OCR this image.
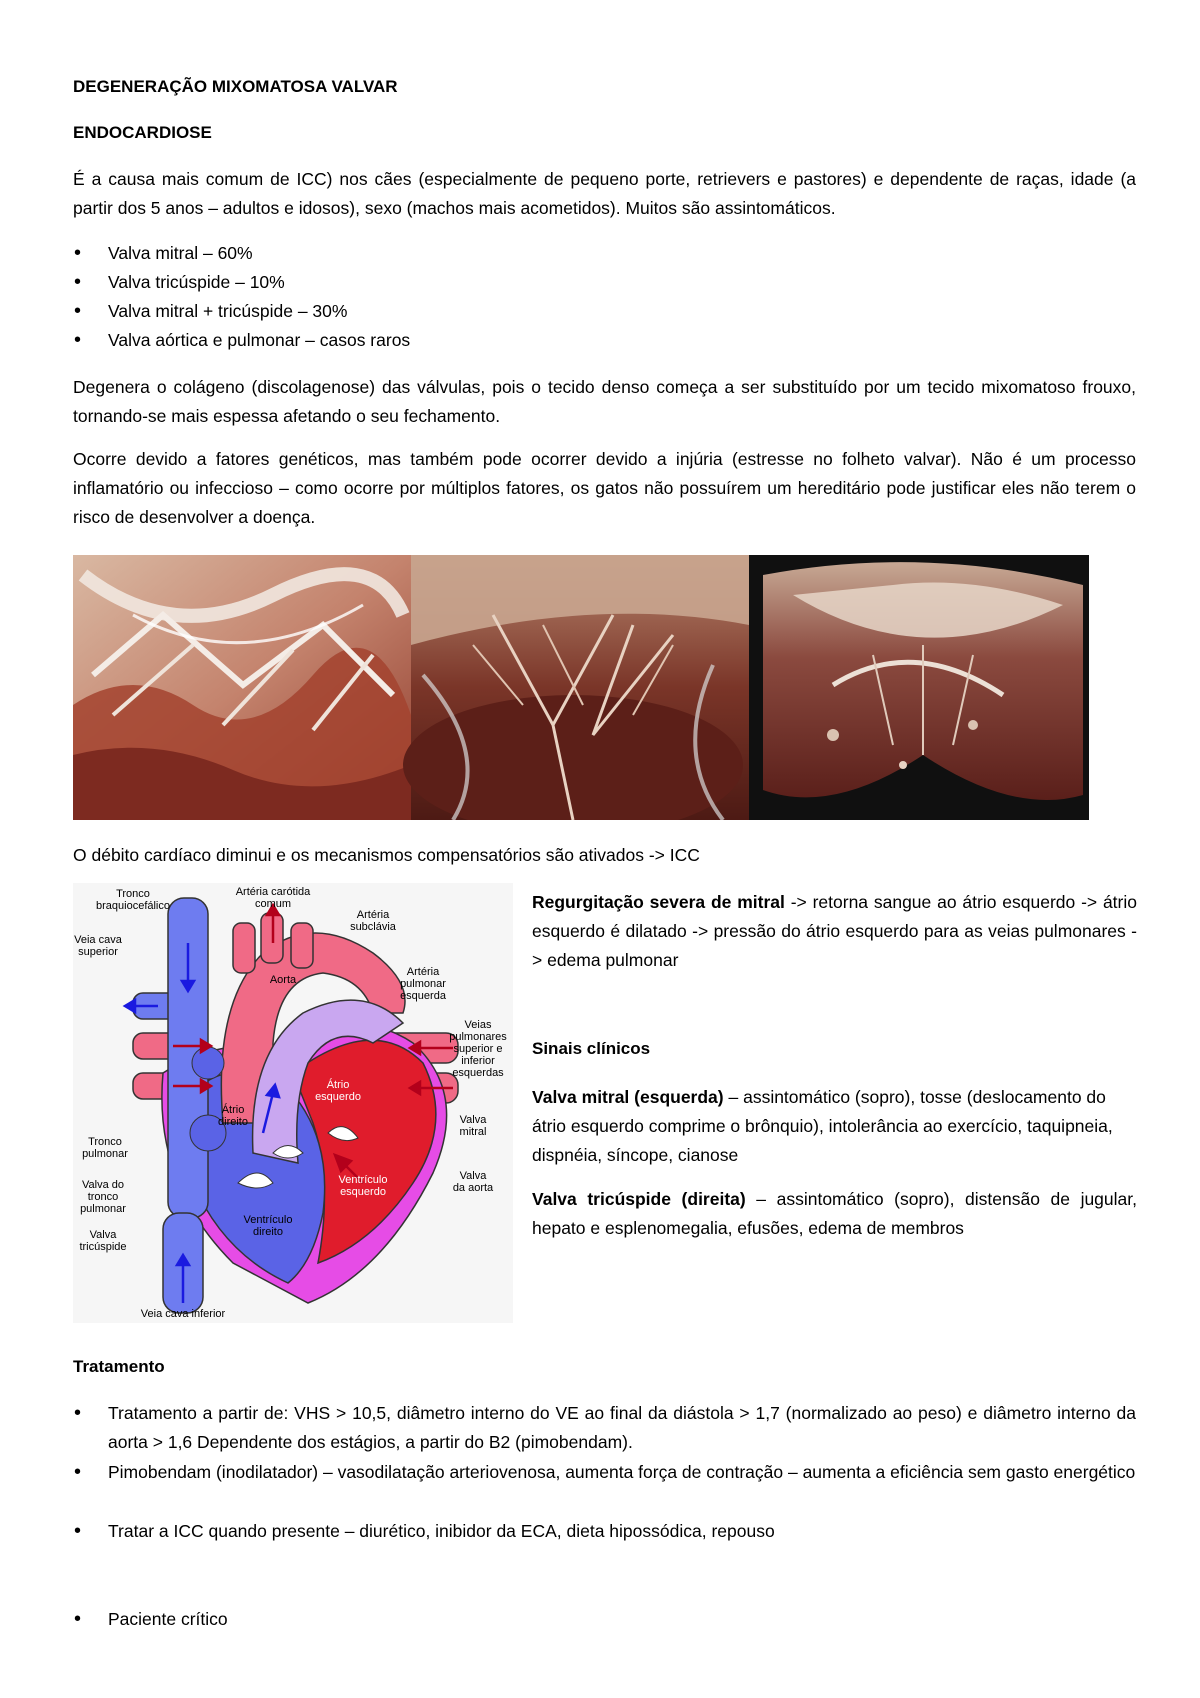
DEGENERAÇÃO MIXOMATOSA VALVAR
ENDOCARDIOSE
É a causa mais comum de ICC) nos cães (especialmente de pequeno porte, retrievers e pastores) e dependente de raças, idade (a partir dos 5 anos – adultos e idosos), sexo (machos mais acometidos). Muitos são assintomáticos.
• Valva mitral – 60%
• Valva tricúspide – 10%
• Valva mitral + tricúspide – 30%
• Valva aórtica e pulmonar – casos raros
Degenera o colágeno (discolagenose) das válvulas, pois o tecido denso começa a ser substituído por um tecido mixomatoso frouxo, tornando-se mais espessa afetando o seu fechamento.
Ocorre devido a fatores genéticos, mas também pode ocorrer devido a injúria (estresse no folheto valvar). Não é um processo inflamatório ou infeccioso – como ocorre por múltiplos fatores, os gatos não possuírem um hereditário pode justificar eles não terem o risco de desenvolver a doença.
O débito cardíaco diminui e os mecanismos compensatórios são ativados -> ICC
Tronco braquiocefálico
Artéria carótida comum
Artéria subclávia
Veia cava superior
Aorta
Artéria pulmonar esquerda
Veias pulmonares superior e inferior esquerdas
Átrio esquerdo
Átrio direito	Valva mitral
Tronco pulmonar
Valva do tronco pulmonar
Ventrículo esquerdo
Valva da aorta
Valva tricúspide
Ventrículo direito
Veia cava inferior
Regurgitação severa de mitral -> retorna sangue ao átrio esquerdo -> átrio esquerdo é dilatado -> pressão do átrio esquerdo para as veias pulmonares -> edema pulmonar
Sinais clínicos
Valva mitral (esquerda) – assintomático (sopro), tosse (deslocamento do átrio esquerdo comprime o brônquio), intolerância ao exercício, taquipneia, dispnéia, síncope, cianose
Valva tricúspide (direita) – assintomático (sopro), distensão de jugular, hepato e esplenomegalia, efusões, edema de membros
Tratamento
• Tratamento a partir de: VHS > 10,5, diâmetro interno do VE ao final da diástola > 1,7 (normalizado ao peso) e diâmetro interno da aorta > 1,6 Dependente dos estágios, a partir do B2 (pimobendam).
• Pimobendam (inodilatador) – vasodilatação arteriovenosa, aumenta força de contração – aumenta a eficiência sem gasto energético
• Tratar a ICC quando presente – diurético, inibidor da ECA, dieta hipossódica, repouso
• Paciente crítico
